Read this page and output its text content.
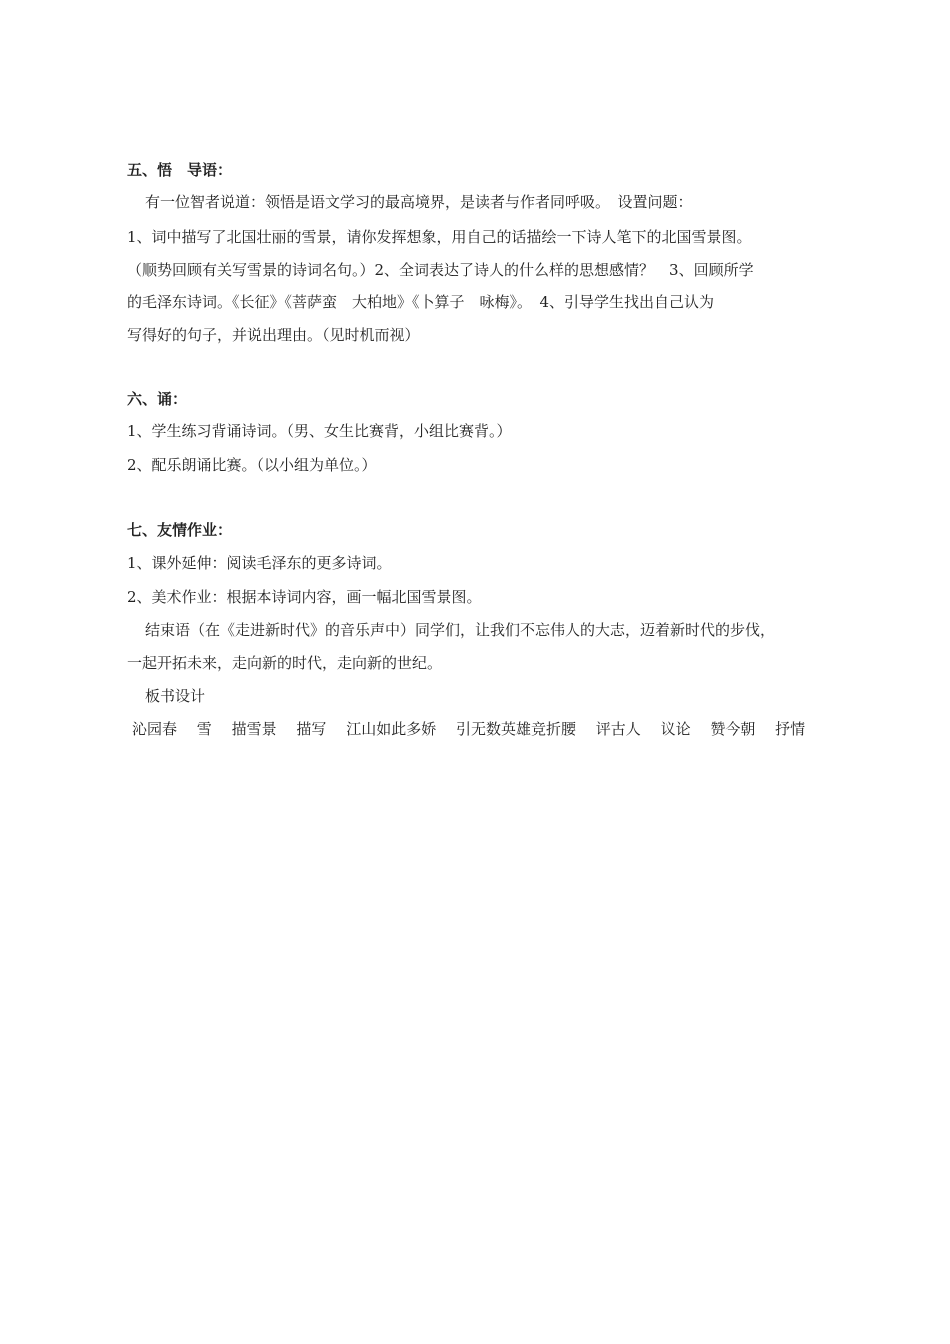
五、悟　导语：
有一位智者说道：领悟是语文学习的最高境界，是读者与作者同呼吸。　设置问题：
1、词中描写了北国壮丽的雪景，请你发挥想象，用自己的话描绘一下诗人笔下的北国雪景图。
（顺势回顾有关写雪景的诗词名句。）2、全词表达了诗人的什么样的思想感情？　3、回顾所学
的毛泽东诗词。《长征》《菩萨蛮　大柏地》《卜算子　咏梅》。　4、引导学生找出自己认为
写得好的句子，并说出理由。（见时机而视）
六、诵：
1、学生练习背诵诗词。（男、女生比赛背，小组比赛背。）
2、配乐朗诵比赛。（以小组为单位。）
七、友情作业：
1、课外延伸：阅读毛泽东的更多诗词。
2、美术作业：根据本诗词内容，画一幅北国雪景图。
结束语（在《走进新时代》的音乐声中）同学们，让我们不忘伟人的大志，迈着新时代的步伐，
一起开拓未来，走向新的时代，走向新的世纪。
板书设计
沁园春 雪 描雪景 描写 江山如此多娇 引无数英雄竞折腰 评古人 议论 赞今朝 抒情
